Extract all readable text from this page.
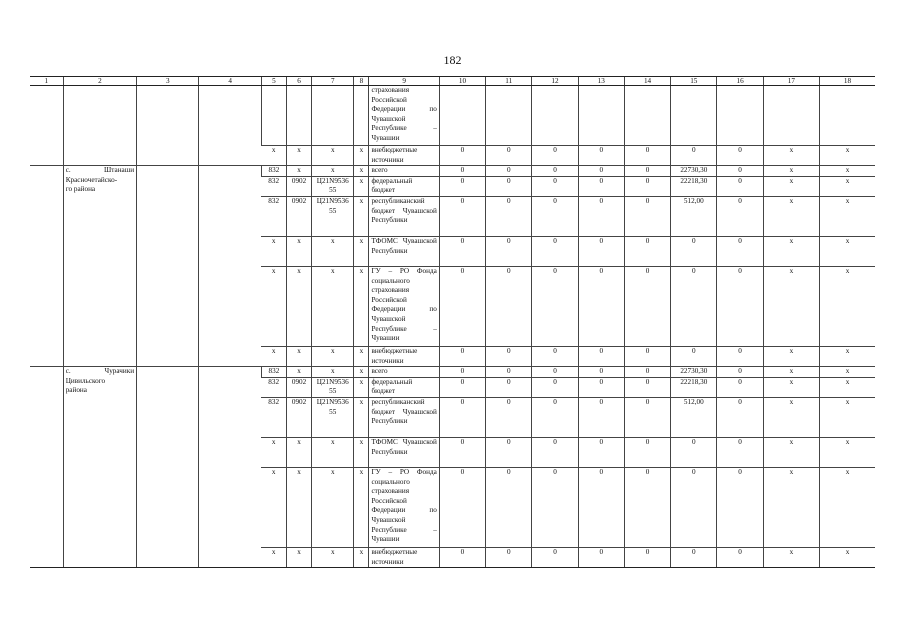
182
1	2	3	4	5	6	7	8	9	10	11	12	13	14	15	16	17	18
								страхования Российской Федерации по Чувашской Республике – Чувашии									
				x	x	x	x	внебюджетные источники	0	0	0	0	0	0	0	x	x

	с. Штанаши
Красночетайско-
го района			832	x	x	x	всего	0	0	0	0	0	22730,30	0	x	x
				832	0902	Ц21N9536 55	x	федеральный бюджет	0	0	0	0	0	22218,30	0	x	x
				832	0902	Ц21N9536 55	x	республиканский бюджет Чувашской Республики	0	0	0	0	0	512,00	0	x	x
				x	x	x	x	ТФОМС Чувашской Республики	0	0	0	0	0	0	0	x	x
				x	x	x	x	ГУ – РО Фонда социального страхования Российской Федерации по Чувашской Республике – Чувашии	0	0	0	0	0	0	0	x	x
				x	x	x	x	внебюджетные источники	0	0	0	0	0	0	0	x	x

	с. Чурачики
Цивильского
района			832	x	x	x	всего	0	0	0	0	0	22730,30	0	x	x
				832	0902	Ц21N9536 55	x	федеральный бюджет	0	0	0	0	0	22218,30	0	x	x
				832	0902	Ц21N9536 55	x	республиканский бюджет Чувашской Республики	0	0	0	0	0	512,00	0	x	x
				x	x	x	x	ТФОМС Чувашской Республики	0	0	0	0	0	0	0	x	x
				x	x	x	x	ГУ – РО Фонда социального страхования Российской Федерации по Чувашской Республике – Чувашии	0	0	0	0	0	0	0	x	x
				x	x	x	x	внебюджетные источники	0	0	0	0	0	0	0	x	x
